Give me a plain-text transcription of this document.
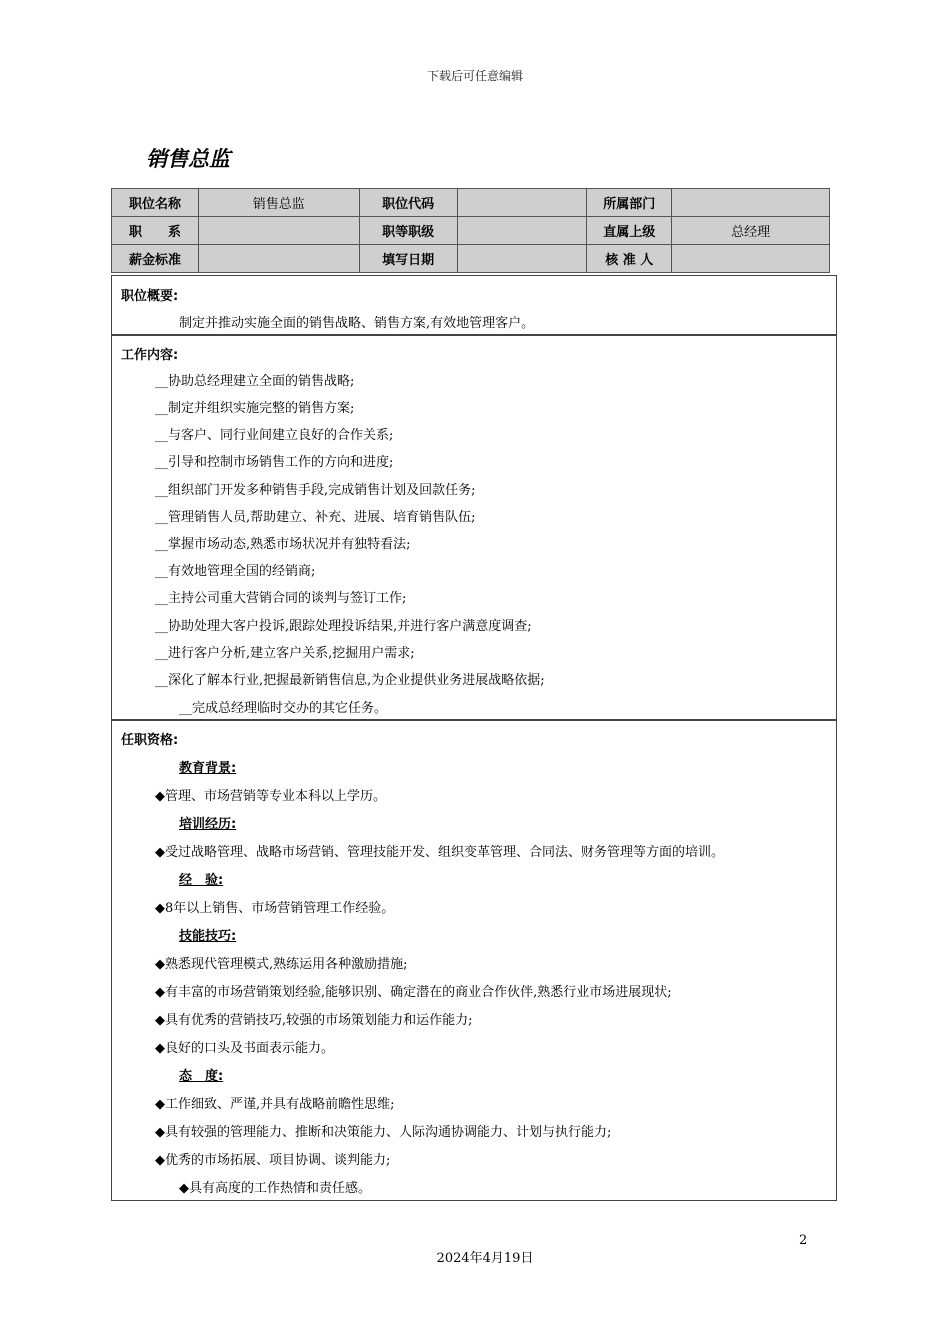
下载后可任意编辑
销售总监
职位名称	销售总监	职位代码		所属部门	
职　　系		职等职级		直属上级	总经理
薪金标准		填写日期		核 准 人	
职位概要:
制定并推动实施全面的销售战略、销售方案,有效地管理客户。
工作内容:
__协助总经理建立全面的销售战略;
__制定并组织实施完整的销售方案;
__与客户、同行业间建立良好的合作关系;
__引导和控制市场销售工作的方向和进度;
__组织部门开发多种销售手段,完成销售计划及回款任务;
__管理销售人员,帮助建立、补充、进展、培育销售队伍;
__掌握市场动态,熟悉市场状况并有独特看法;
__有效地管理全国的经销商;
__主持公司重大营销合同的谈判与签订工作;
__协助处理大客户投诉,跟踪处理投诉结果,并进行客户满意度调查;
__进行客户分析,建立客户关系,挖掘用户需求;
__深化了解本行业,把握最新销售信息,为企业提供业务进展战略依据;
__完成总经理临时交办的其它任务。
任职资格:
教育背景:
◆管理、市场营销等专业本科以上学历。
培训经历:
◆受过战略管理、战略市场营销、管理技能开发、组织变革管理、合同法、财务管理等方面的培训。
经　验:
◆8年以上销售、市场营销管理工作经验。
技能技巧:
◆熟悉现代管理模式,熟练运用各种激励措施;
◆有丰富的市场营销策划经验,能够识别、确定潜在的商业合作伙伴,熟悉行业市场进展现状;
◆具有优秀的营销技巧,较强的市场策划能力和运作能力;
◆良好的口头及书面表示能力。
态　度:
◆工作细致、严谨,并具有战略前瞻性思维;
◆具有较强的管理能力、推断和决策能力、人际沟通协调能力、计划与执行能力;
◆优秀的市场拓展、项目协调、谈判能力;
◆具有高度的工作热情和责任感。
2
2024年4月19日
